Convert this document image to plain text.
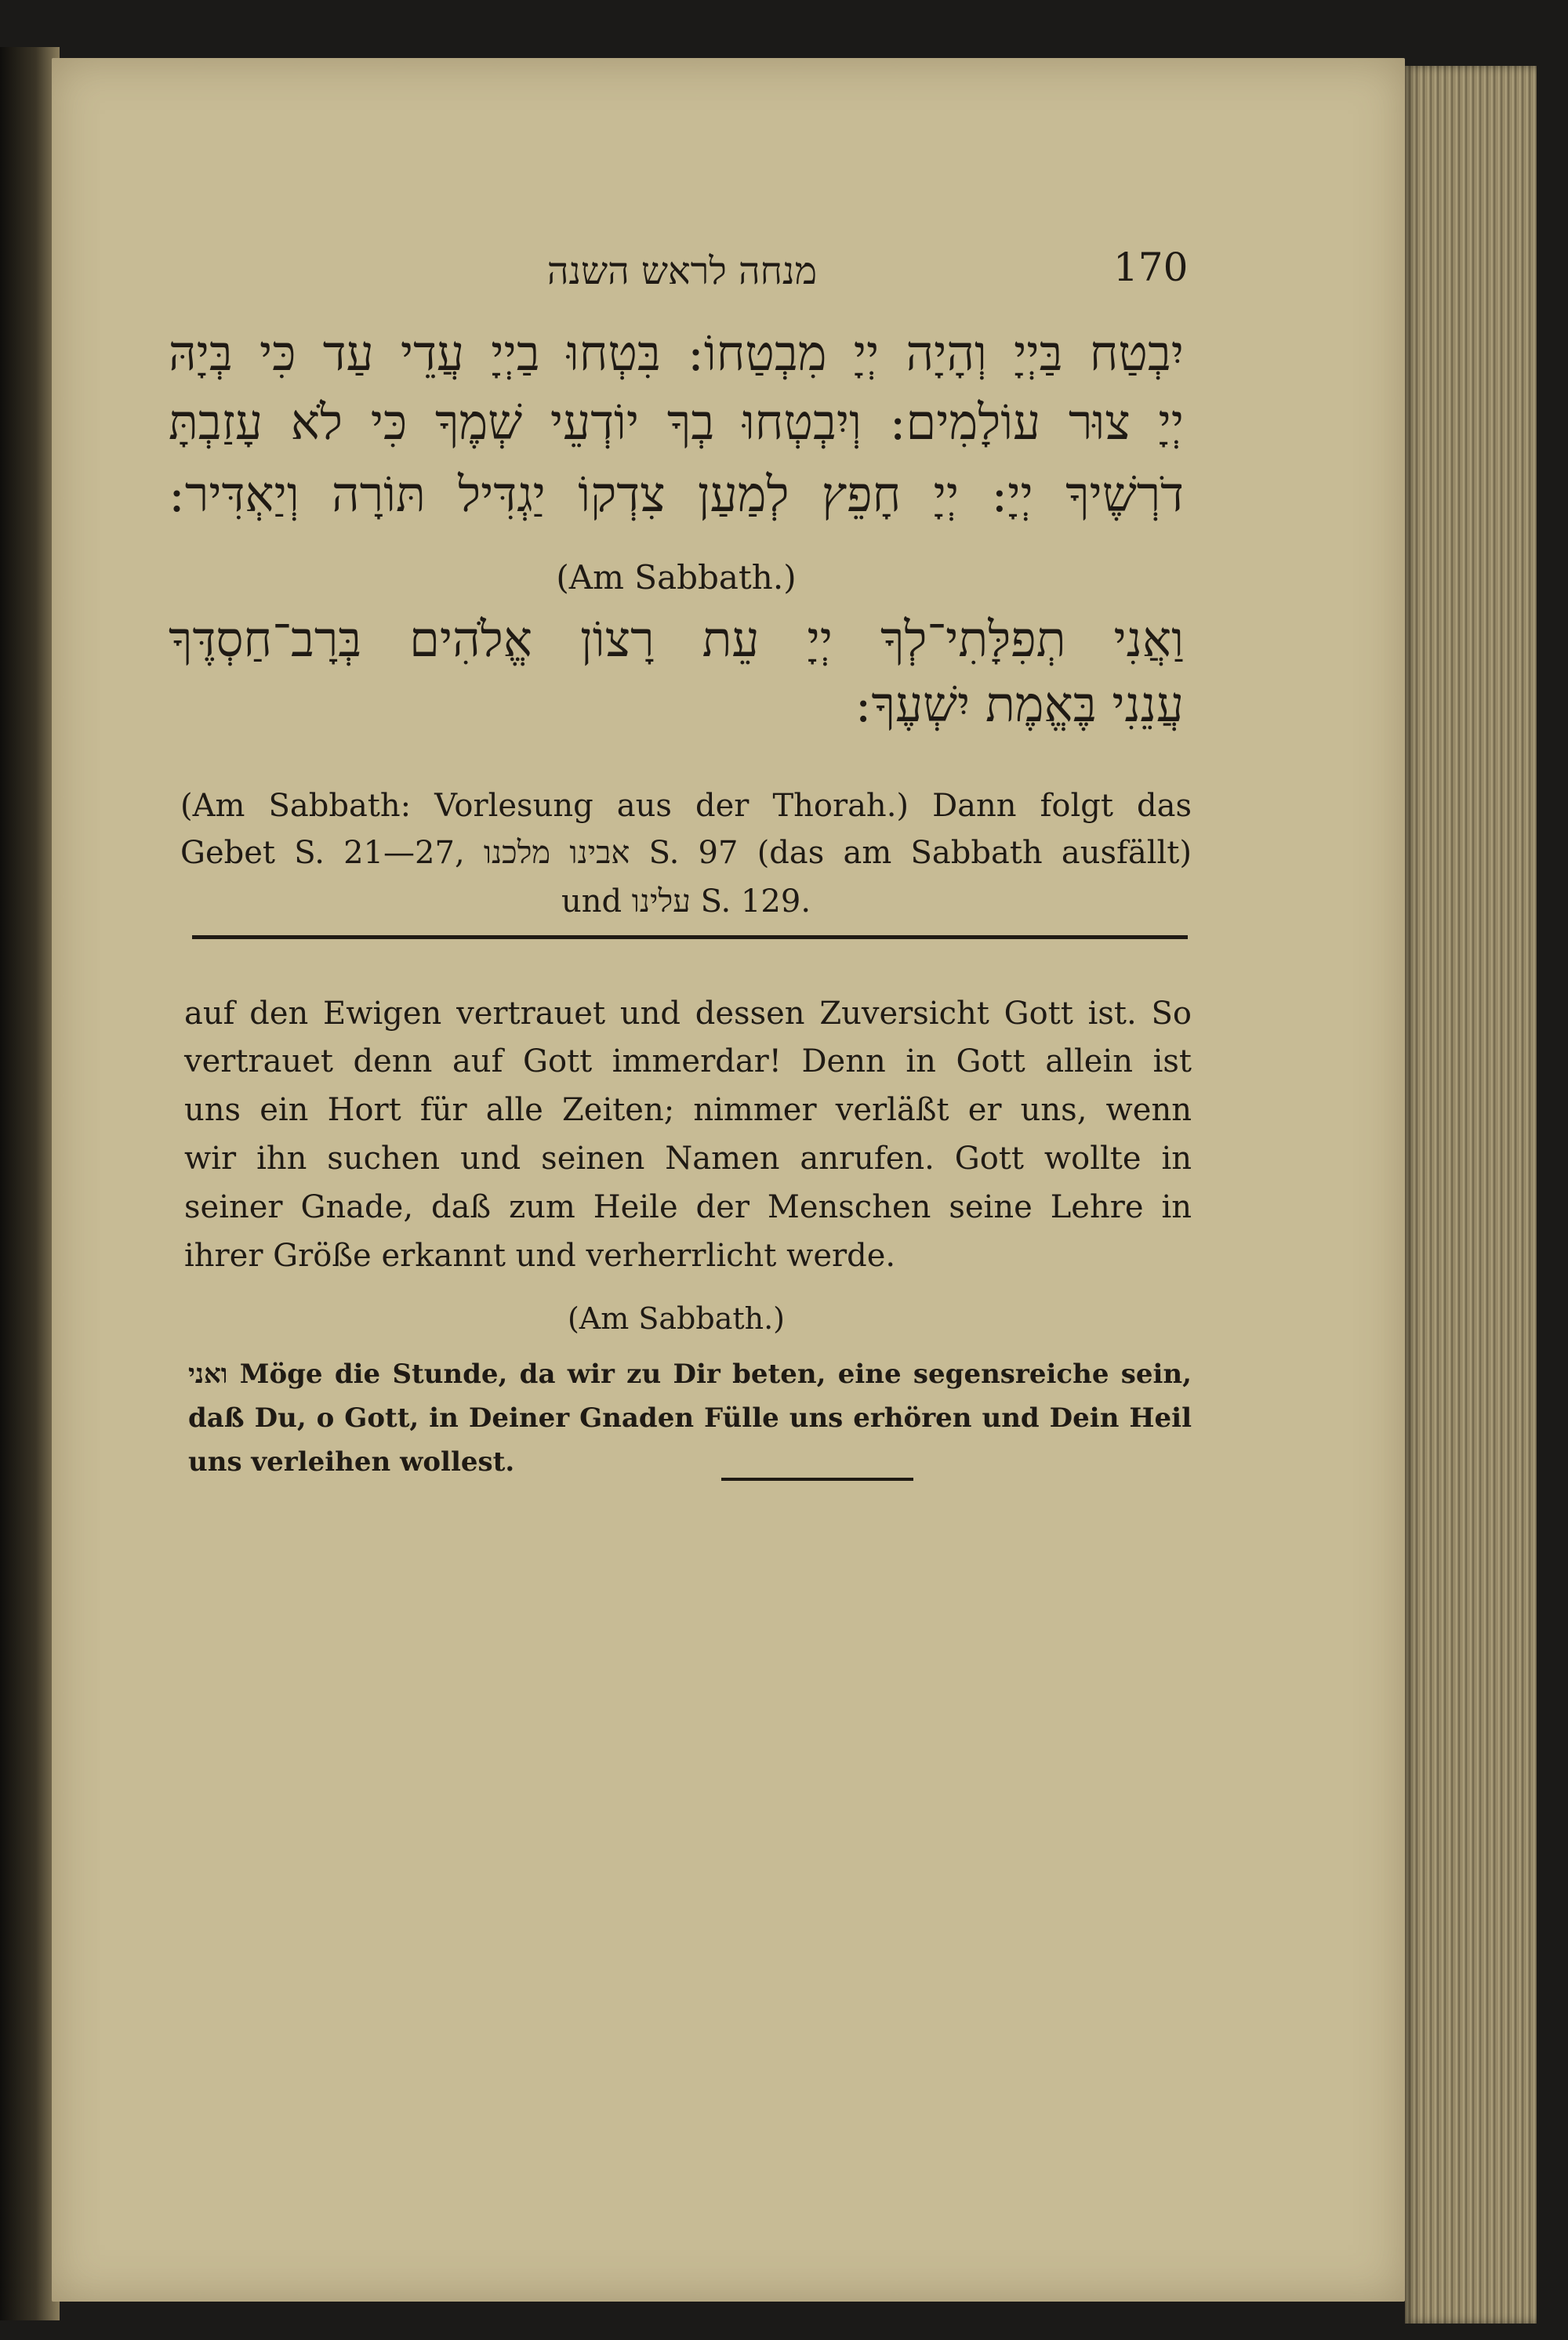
מנחה לראש השנה	170
יִבְטַח בַּיְיָ וְהָיָה יְיָ מִבְטַחוֹ: בִּטְחוּ בַיְיָ עֲדֵי עַד כִּי בְּיָהּ
יְיָ צוּר עוֹלָמִים: וְיִבְטְחוּ בְךָ יוֹדְעֵי שְׁמֶךָ כִּי לֹא עָזַבְתָּ
דֹרְשֶׁיךָ יְיָ: יְיָ חָפֵץ לְמַעַן צִדְקוֹ יַגְדִּיל תּוֹרָה וְיַאְדִּיר:
(Am Sabbath.)
וַאֲנִי תְפִלָּתִי־לְךָ יְיָ עֵת רָצוֹן אֱלֹהִים בְּרָב־חַסְדֶּךָ
עֲנֵנִי בֶּאֱמֶת יִשְׁעֶךָ:
(Am Sabbath: Vorlesung aus der Thorah.) Dann folgt das
Gebet S. 21—27, אבינו מלכנו S. 97 (das am Sabbath ausfällt)
und עלינו S. 129.
auf den Ewigen vertrauet und dessen Zuversicht Gott ist. So
vertrauet denn auf Gott immerdar! Denn in Gott allein ist
uns ein Hort für alle Zeiten; nimmer verläßt er uns, wenn
wir ihn suchen und seinen Namen anrufen. Gott wollte in
seiner Gnade, daß zum Heile der Menschen seine Lehre in
ihrer Größe erkannt und verherrlicht werde.
(Am Sabbath.)
ואני Möge die Stunde, da wir zu Dir beten, eine segensreiche sein,
daß Du, o Gott, in Deiner Gnaden Fülle uns erhören und Dein Heil
uns verleihen wollest.
